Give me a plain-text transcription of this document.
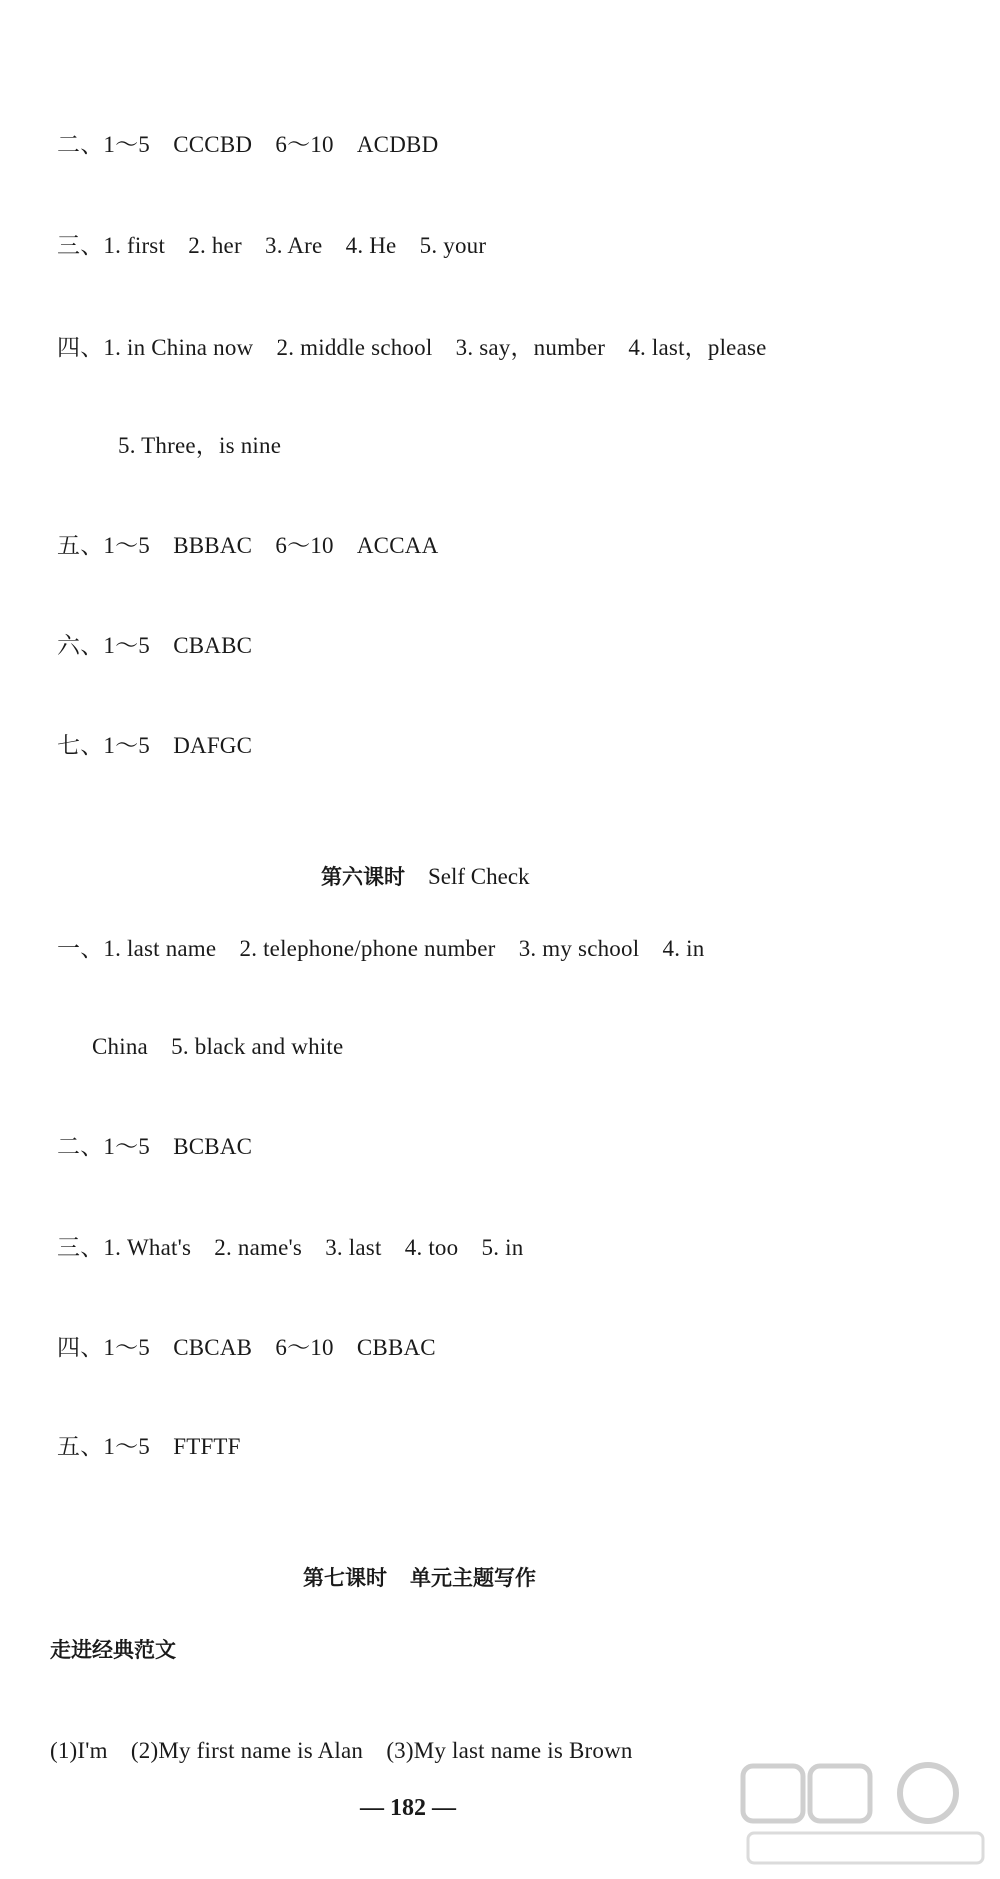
二、1～5　CCCBD　6～10　ACDBD
三、1. first　2. her　3. Are　4. He　5. your
四、1. in China now　2. middle school　3. say，number　4. last，please
5. Three，is nine
五、1～5　BBBAC　6～10　ACCAA
六、1～5　CBABC
七、1～5　DAFGC

第六课时　 Self Check

一、1. last name　2. telephone/phone number　3. my school　4. in
China　5. black and white
二、1～5　BCBAC
三、1. What's　2. name's　3. last　4. too　5. in
四、1～5　CBCAB　6～10　CBBAC
五、1～5　FTFTF

第七课时　 单元主题写作

走进经典范文
(1)I'm　(2)My first name is Alan　(3)My last name is Brown
— 182 —
